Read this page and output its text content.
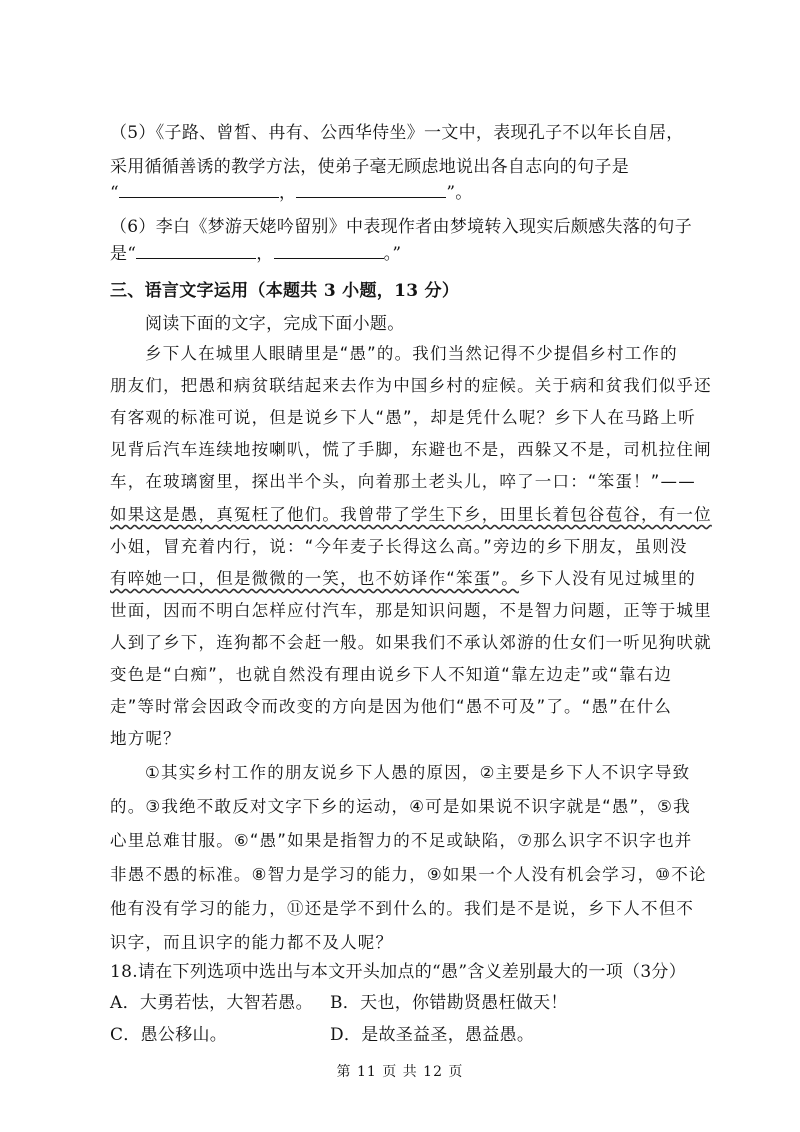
（5）《子路、曾皙、冉有、公西华侍坐》一文中，表现孔子不以年长自居，
采用循循善诱的教学方法，使弟子毫无顾虑地说出各自志向的句子是
“	，	”。
（6）李白《梦游天姥吟留别》中表现作者由梦境转入现实后颇感失落的句子
是“	，	。”
三、语言文字运用（本题共 3 小题，13 分）
阅读下面的文字，完成下面小题。
乡下人在城里人眼睛里是“愚”的。我们当然记得不少提倡乡村工作的
朋友们，把愚和病贫联结起来去作为中国乡村的症候。关于病和贫我们似乎还
有客观的标准可说，但是说乡下人“愚”，却是凭什么呢？乡下人在马路上听
见背后汽车连续地按喇叭，慌了手脚，东避也不是，西躲又不是，司机拉住闸
车，在玻璃窗里，探出半个头，向着那土老头儿，啐了一口：“笨蛋！”——
如果这是愚，真冤枉了他们。我曾带了学生下乡，田里长着包谷苞谷，有一位
小姐，冒充着内行，说：“今年麦子长得这么高。”旁边的乡下朋友，虽则没
有啐她一口，但是微微的一笑，也不妨译作“笨蛋”。乡下人没有见过城里的
世面，因而不明白怎样应付汽车，那是知识问题，不是智力问题，正等于城里
人到了乡下，连狗都不会赶一般。如果我们不承认郊游的仕女们一听见狗吠就
变色是“白痴”，也就自然没有理由说乡下人不知道“靠左边走”或“靠右边
走”等时常会因政令而改变的方向是因为他们“愚不可及”了。“愚”在什么
地方呢？
①其实乡村工作的朋友说乡下人愚的原因，②主要是乡下人不识字导致
的。③我绝不敢反对文字下乡的运动，④可是如果说不识字就是“愚”，⑤我
心里总难甘服。⑥“愚”如果是指智力的不足或缺陷，⑦那么识字不识字也并
非愚不愚的标准。⑧智力是学习的能力，⑨如果一个人没有机会学习，⑩不论
他有没有学习的能力，⑪还是学不到什么的。我们是不是说，乡下人不但不
识字，而且识字的能力都不及人呢？
18.请在下列选项中选出与本文开头加点的“愚”含义差别最大的一项（3分）
A．大勇若怯，大智若愚。 B．天也，你错勘贤愚枉做天！
C．愚公移山。	D．是故圣益圣，愚益愚。
第 11 页 共 12 页
